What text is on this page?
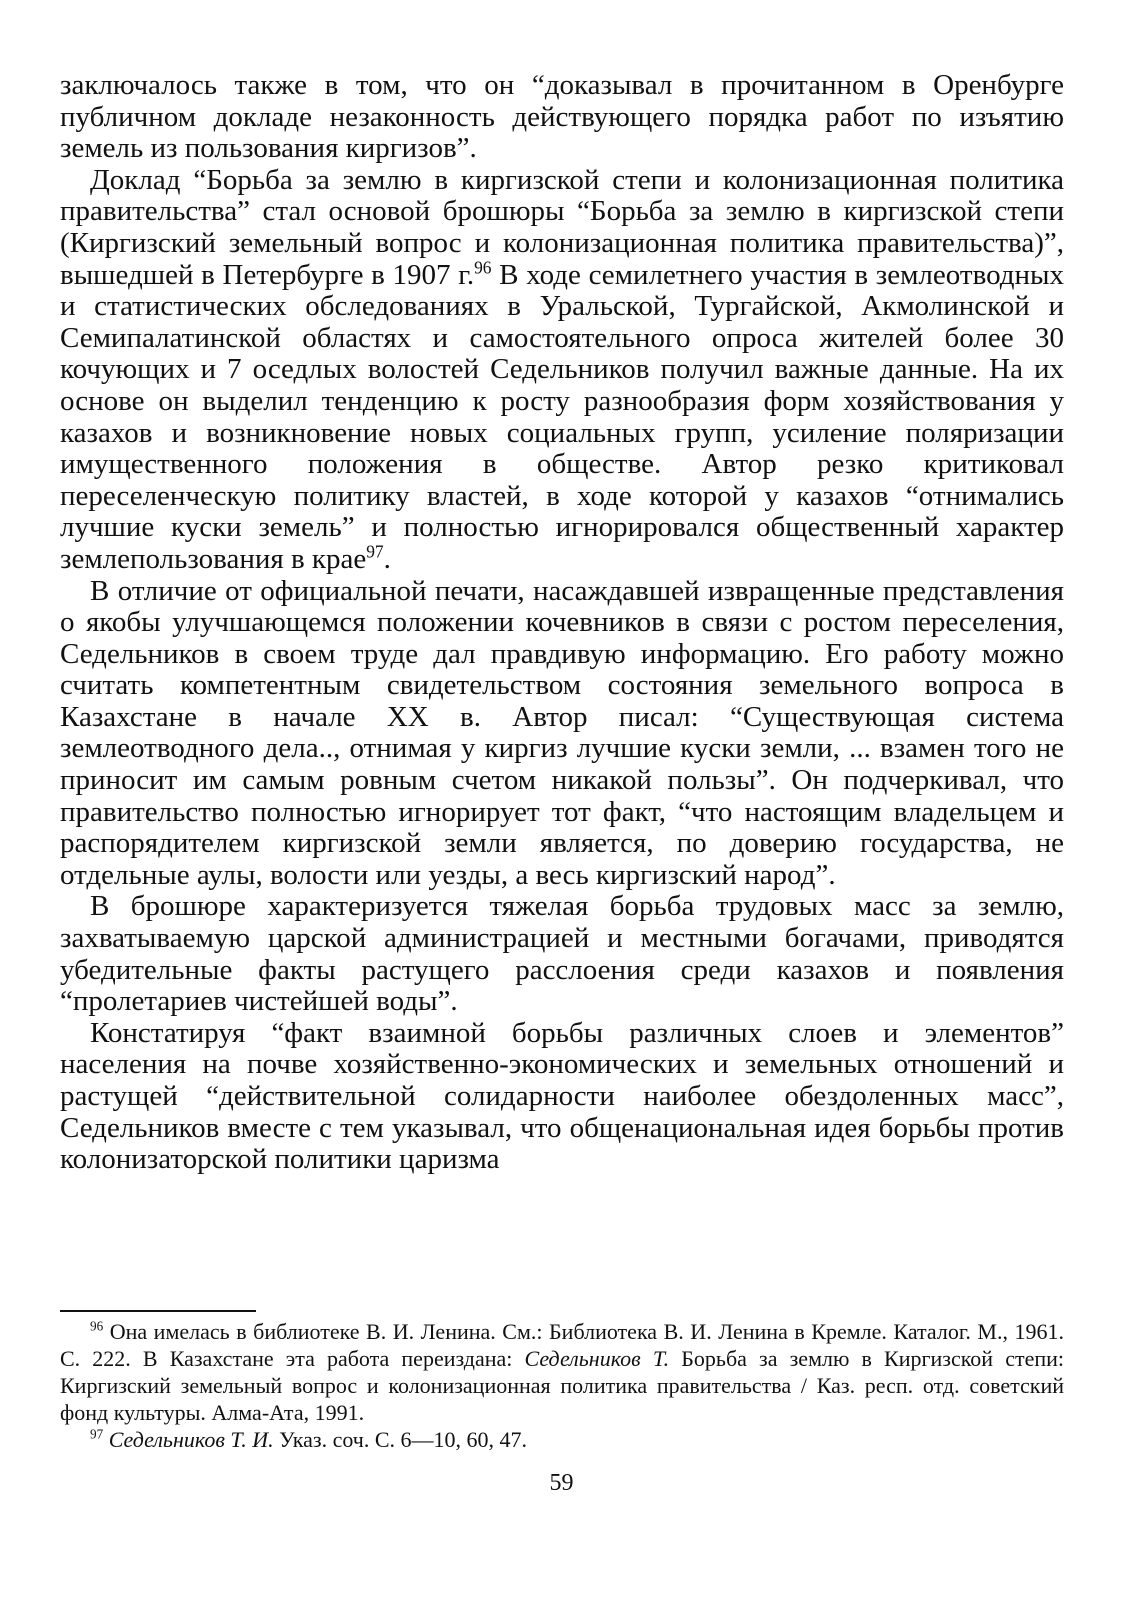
заключалось также в том, что он “доказывал в прочитанном в Оренбурге публичном докладе незаконность действующего порядка работ по изъятию земель из пользования киргизов”.

Доклад “Борьба за землю в киргизской степи и колонизационная политика правительства” стал основой брошюры “Борьба за землю в киргизской степи (Киргизский земельный вопрос и колонизационная политика правительства)”, вышедшей в Петербурге в 1907 г.$^{96}$ В ходе семилетнего участия в землеотводных и статистических обследованиях в Уральской, Тургайской, Акмолинской и Семипалатинской областях и самостоятельного опроса жителей более 30 кочующих и 7 оседлых волостей Седельников получил важные данные. На их основе он выделил тенденцию к росту разнообразия форм хозяйствования у казахов и возникновение новых социальных групп, усиление поляризации имущественного положения в обществе. Автор резко критиковал переселенческую политику властей, в ходе которой у казахов “отнимались лучшие куски земель” и полностью игнорировался общественный характер землепользования в крае$^{97}$.

В отличие от официальной печати, насаждавшей извращенные представления о якобы улучшающемся положении кочевников в связи с ростом переселения, Седельников в своем труде дал правдивую информацию. Его работу можно считать компетентным свидетельством состояния земельного вопроса в Казахстане в начале XX в. Автор писал: “Существующая система землеотводного дела.., отнимая у киргиз лучшие куски земли, ... взамен того не приносит им самым ровным счетом никакой пользы”. Он подчеркивал, что правительство полностью игнорирует тот факт, “что настоящим владельцем и распорядителем киргизской земли является, по доверию государства, не отдельные аулы, волости или уезды, а весь киргизский народ”.

В брошюре характеризуется тяжелая борьба трудовых масс за землю, захватываемую царской администрацией и местными богачами, приводятся убедительные факты растущего расслоения среди казахов и появления “пролетариев чистейшей воды”.

Констатируя “факт взаимной борьбы различных слоев и элементов” населения на почве хозяйственно-экономических и земельных отношений и растущей “действительной солидарности наиболее обездоленных масс”, Седельников вместе с тем указывал, что общенациональная идея борьбы против колонизаторской политики царизма

$^{96}$ Она имелась в библиотеке В. И. Ленина. См.: Библиотека В. И. Ленина в Кремле. Каталог. М., 1961. С. 222. В Казахстане эта работа переиздана: Седельников Т. Борьба за землю в Киргизской степи: Киргизский земельный вопрос и колонизационная политика правительства / Каз. респ. отд. советский фонд культуры. Алма-Ата, 1991.

$^{97}$ Седельников Т. И. Указ. соч. С. 6—10, 60, 47.

59
